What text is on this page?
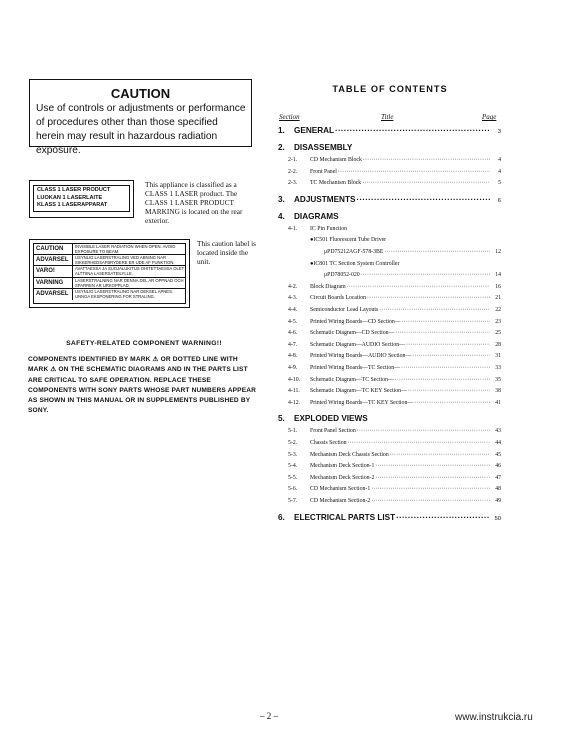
CAUTION
Use of controls or adjustments or performance of procedures other than those specified herein may result in hazardous radiation exposure.
CLASS 1 LASER PRODUCT
LUOKAN 1 LASERLAITE
KLASS 1 LASERAPPARAT
This appliance is classified as a CLASS 1 LASER product. The CLASS 1 LASER PRODUCT MARKING is located on the rear exterior.
CAUTION	INVISIBLE LASER RADIATION WHEN OPEN. AVOID EXPOSURE TO BEAM.
ADVARSEL	USYNLIG LASERSTRALING VED ABNING NAR SIKKERHEDSAFBRYDERE ER UDE AF FUNKTION.
VARO!	AVATTAESSA JA SUOJALUKITUS OHITETTAESSA OLET ALTTIINA LASERSATEILYLLE.
VARNING	LASERSTRALNING NAR DENNA DEL AR OPPNAD OCH SPARREN AR URKOPPLAD.
ADVARSEL	USYNLIG LASERSTRALING NAR DEKSEL APNES. UNNGA EKSPONERING FOR STRALING.
This caution label is located inside the unit.
SAFETY-RELATED COMPONENT WARNING!!
COMPONENTS IDENTIFIED BY MARK ⚠ OR DOTTED LINE WITH MARK ⚠ ON THE SCHEMATIC DIAGRAMS AND IN THE PARTS LIST ARE CRITICAL TO SAFE OPERATION. REPLACE THESE COMPONENTS WITH SONY PARTS WHOSE PART NUMBERS APPEAR AS SHOWN IN THIS MANUAL OR IN SUPPLEMENTS PUBLISHED BY SONY.
TABLE OF CONTENTS
Section	Title	Page
1.	GENERAL ·····	3
2.	DISASSEMBLY
2-1.	CD Mechanism Block ·····	4
2-2.	Front Panel ·····	4
2-3.	TC Mechanism Block ·····	5
3.	ADJUSTMENTS ·····	6
4.	DIAGRAMS
4-1.	IC Pin Function
●IC501 Fluorescent Tube Driver
μPD75212AGF-578-3BE ·····	12
●IC801 TC Section System Controller
μPD78052-020 ·····	14
4-2.	Block Diagram ·····	16
4-3.	Circuit Boards Location ·····	21
4-4.	Semiconductor Lead Layouts ·····	22
4-5.	Printed Wiring Boards—CD Section— ·····	23
4-6.	Schematic Diagram—CD Section— ·····	25
4-7.	Schematic Diagram—AUDIO Section— ·····	28
4-8.	Printed Wiring Boards—AUDIO Section— ·····	31
4-9.	Printed Wiring Boards—TC Section— ·····	33
4-10.	Schematic Diagram—TC Section— ·····	35
4-11.	Schematic Diagram—TC KEY Section— ·····	38
4-12.	Printed Wiring Boards—TC KEY Section— ·····	41
5.	EXPLODED VIEWS
5-1.	Front Panel Section ·····	43
5-2.	Chassis Section ·····	44
5-3.	Mechanism Deck Chassis Section ·····	45
5-4.	Mechanism Deck Section-1 ·····	46
5-5.	Mechanism Deck Section-2 ·····	47
5-6.	CD Mechanism Section-1 ·····	48
5-7.	CD Mechanism Section-2 ·····	49
6.	ELECTRICAL PARTS LIST ·····	50
– 2 –	www.instrukcia.ru
